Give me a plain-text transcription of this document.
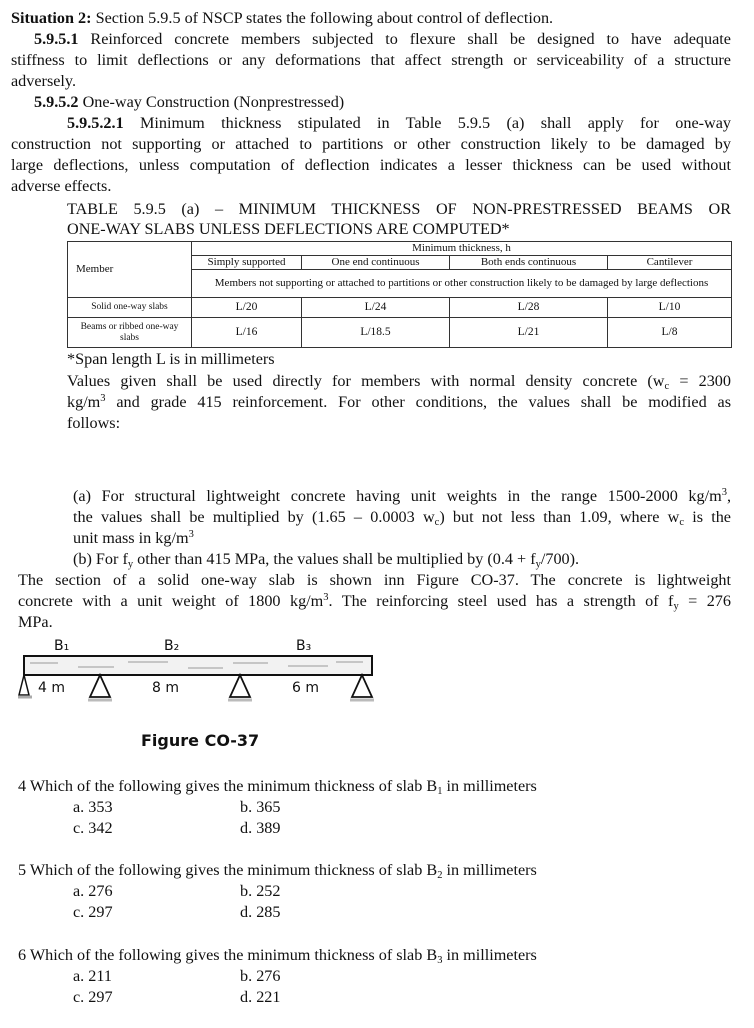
Situation 2: Section 5.9.5 of NSCP states the following about control of deflection.
5.9.5.1 Reinforced concrete members subjected to flexure shall be designed to have adequate
stiffness to limit deflections or any deformations that affect strength or serviceability of a structure
adversely.
5.9.5.2 One-way Construction (Nonprestressed)
5.9.5.2.1 Minimum thickness stipulated in Table 5.9.5 (a) shall apply for one-way
construction not supporting or attached to partitions or other construction likely to be damaged by
large deflections, unless computation of deflection indicates a lesser thickness can be used without
adverse effects.
TABLE 5.9.5 (a) – MINIMUM THICKNESS OF NON-PRESTRESSED BEAMS OR
ONE-WAY SLABS UNLESS DEFLECTIONS ARE COMPUTED*
Member	Minimum thickness, h			
	Simply supported	One end continuous	Both ends continuous	Cantilever
	Members not supporting or attached to partitions or other construction likely to be damaged by large deflections			
Solid one-way slabs	L/20	L/24	L/28	L/10
Beams or ribbed one-way slabs	L/16	L/18.5	L/21	L/8
*Span length L is in millimeters
Values given shall be used directly for members with normal density concrete ($w_c = 2300$
$kg/m^3$ and grade 415 reinforcement. For other conditions, the values shall be modified as
follows:
(a) For structural lightweight concrete having unit weights in the range 1500-2000 $kg/m^3$,
the values shall be multiplied by (1.65 – 0.0003 $w_c$) but not less than 1.09, where $w_c$ is the
unit mass in $kg/m^3$
(b) For $f_y$ other than 415 MPa, the values shall be multiplied by $(0.4 + f_y/700)$.
The section of a solid one-way slab is shown inn Figure CO-37. The concrete is lightweight
concrete with a unit weight of 1800 $kg/m^3$. The reinforcing steel used has a strength of $f_y = 276$
MPa.
B₁	B₂	B₃
4 m	8 m	6 m
Figure CO-37
4 Which of the following gives the minimum thickness of slab $B_1$ in millimeters
a. 353	b. 365
c. 342	d. 389
5 Which of the following gives the minimum thickness of slab $B_2$ in millimeters
a. 276	b. 252
c. 297	d. 285
6 Which of the following gives the minimum thickness of slab $B_3$ in millimeters
a. 211	b. 276
c. 297	d. 221
